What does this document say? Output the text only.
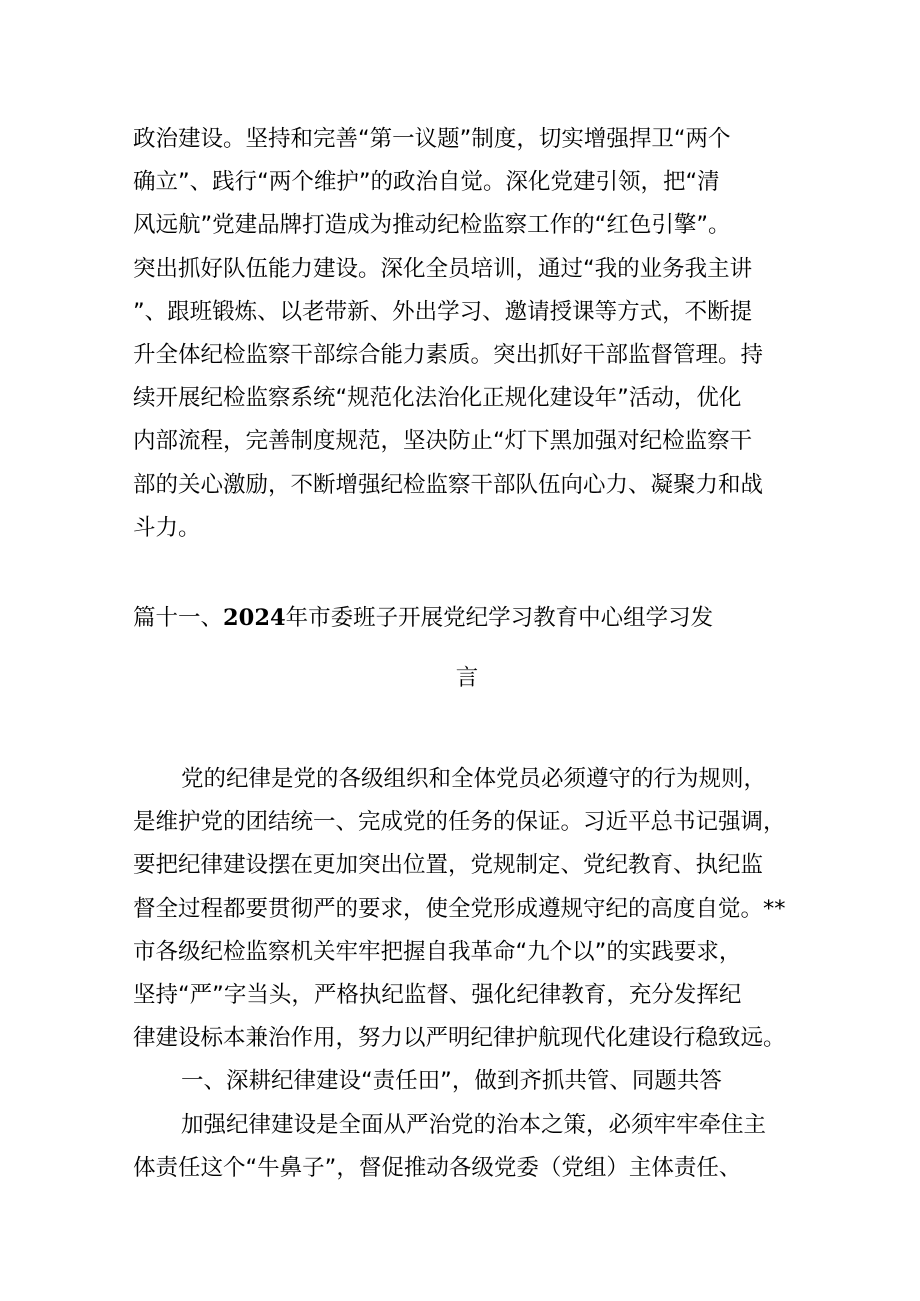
政治建设。坚持和完善“第一议题”制度，切实增强捍卫“两个
确立”、践行“两个维护”的政治自觉。深化党建引领，把“清
风远航”党建品牌打造成为推动纪检监察工作的“红色引擎”。
突出抓好队伍能力建设。深化全员培训，通过“我的业务我主讲
”、跟班锻炼、以老带新、外出学习、邀请授课等方式，不断提
升全体纪检监察干部综合能力素质。突出抓好干部监督管理。持
续开展纪检监察系统“规范化法治化正规化建设年”活动，优化
内部流程，完善制度规范，坚决防止“灯下黑加强对纪检监察干
部的关心激励，不断增强纪检监察干部队伍向心力、凝聚力和战
斗力。
篇十一、2024年市委班子开展党纪学习教育中心组学习发
言
党的纪律是党的各级组织和全体党员必须遵守的行为规则，
是维护党的团结统一、完成党的任务的保证。习近平总书记强调，
要把纪律建设摆在更加突出位置，党规制定、党纪教育、执纪监
督全过程都要贯彻严的要求，使全党形成遵规守纪的高度自觉。**
市各级纪检监察机关牢牢把握自我革命“九个以”的实践要求，
坚持“严”字当头，严格执纪监督、强化纪律教育，充分发挥纪
律建设标本兼治作用，努力以严明纪律护航现代化建设行稳致远。
一、深耕纪律建设“责任田”，做到齐抓共管、同题共答
加强纪律建设是全面从严治党的治本之策，必须牢牢牵住主
体责任这个“牛鼻子”，督促推动各级党委（党组）主体责任、
